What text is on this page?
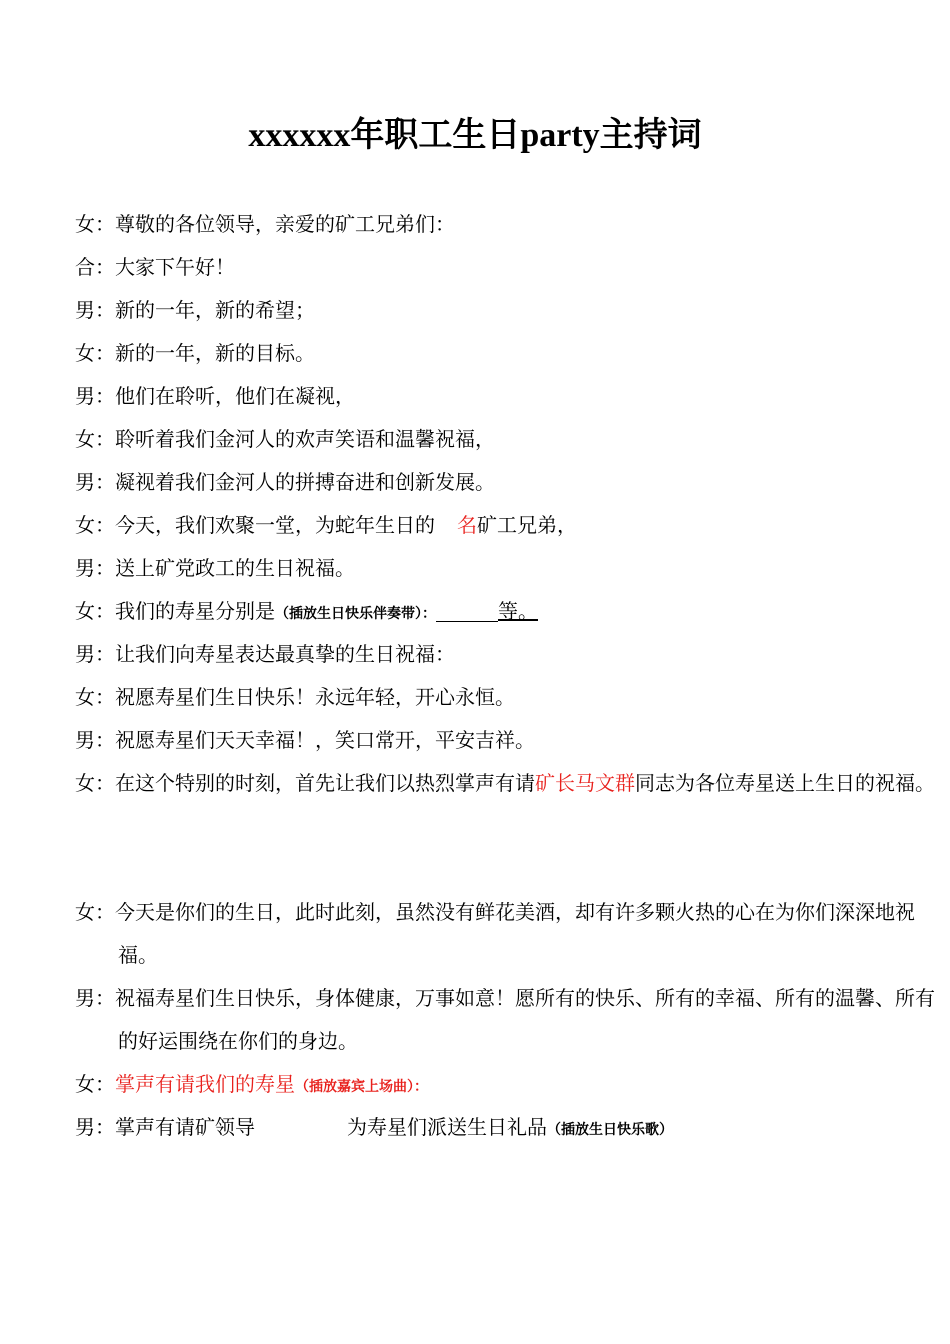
xxxxxx年职工生日party主持词
女：尊敬的各位领导，亲爱的矿工兄弟们：
合：大家下午好！
男：新的一年，新的希望；
女：新的一年，新的目标。
男：他们在聆听，他们在凝视，
女：聆听着我们金河人的欢声笑语和温馨祝福，
男：凝视着我们金河人的拼搏奋进和创新发展。
女：今天，我们欢聚一堂，为蛇年生日的 名矿工兄弟，
男：送上矿党政工的生日祝福。
女：我们的寿星分别是（插放生日快乐伴奏带）：	等。
男：让我们向寿星表达最真挚的生日祝福：
女：祝愿寿星们生日快乐！永远年轻，开心永恒。
男：祝愿寿星们天天幸福！，笑口常开，平安吉祥。
女：在这个特别的时刻，首先让我们以热烈掌声有请矿长马文群同志为各位寿星送上生日的祝福。
女：今天是你们的生日，此时此刻，虽然没有鲜花美酒，却有许多颗火热的心在为你们深深地祝福。
男：祝福寿星们生日快乐，身体健康，万事如意！愿所有的快乐、所有的幸福、所有的温馨、所有的好运围绕在你们的身边。
女：掌声有请我们的寿星（插放嘉宾上场曲）：
男：掌声有请矿领导	为寿星们派送生日礼品（插放生日快乐歌）
